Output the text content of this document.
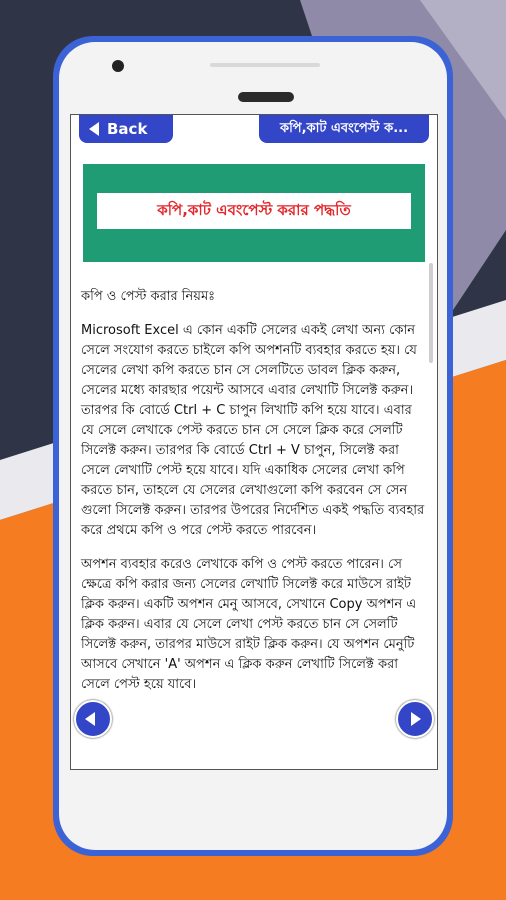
Back	কপি,কাট এবংপেস্ট ক...
কপি,কাট এবংপেস্ট করার পদ্ধতি
কপি ও পেস্ট করার নিয়মঃ

Microsoft Excel এ কোন একটি সেলের একই লেখা অন্য কোন সেলে সংযোগ করতে চাইলে কপি অপশনটি ব্যবহার করতে হয়। যে সেলের লেখা কপি করতে চান সে সেলটিতে ডাবল ক্লিক করুন, সেলের মধ্যে কারছার পয়েন্ট আসবে এবার লেখাটি সিলেক্ট করুন। তারপর কি বোর্ডে Ctrl + C চাপুন লিখাটি কপি হয়ে যাবে। এবার যে সেলে লেখাকে পেস্ট করতে চান সে সেলে ক্লিক করে সেলটি সিলেক্ট করুন। তারপর কি বোর্ডে Ctrl + V চাপুন, সিলেক্ট করা সেলে লেখাটি পেস্ট হয়ে যাবে। যদি একাধিক সেলের লেখা কপি করতে চান, তাহলে যে সেলের লেখাগুলো কপি করবেন সে সেন গুলো সিলেক্ট করুন। তারপর উপরের নির্দেশিত একই পদ্ধতি ব্যবহার করে প্রথমে কপি ও পরে পেস্ট করতে পারবেন।

অপশন ব্যবহার করেও লেখাকে কপি ও পেস্ট করতে পারেন। সে ক্ষেত্রে কপি করার জন্য সেলের লেখাটি সিলেক্ট করে মাউসে রাইট ক্লিক করুন। একটি অপশন মেনু আসবে, সেখানে Copy অপশন এ ক্লিক করুন। এবার যে সেলে লেখা পেস্ট করতে চান সে সেলটি সিলেক্ট করুন, তারপর মাউসে রাইট ক্লিক করুন। যে অপশন মেনুটি আসবে সেখানে 'A' অপশন এ ক্লিক করুন লেখাটি সিলেক্ট করা সেলে পেস্ট হয়ে যাবে।
